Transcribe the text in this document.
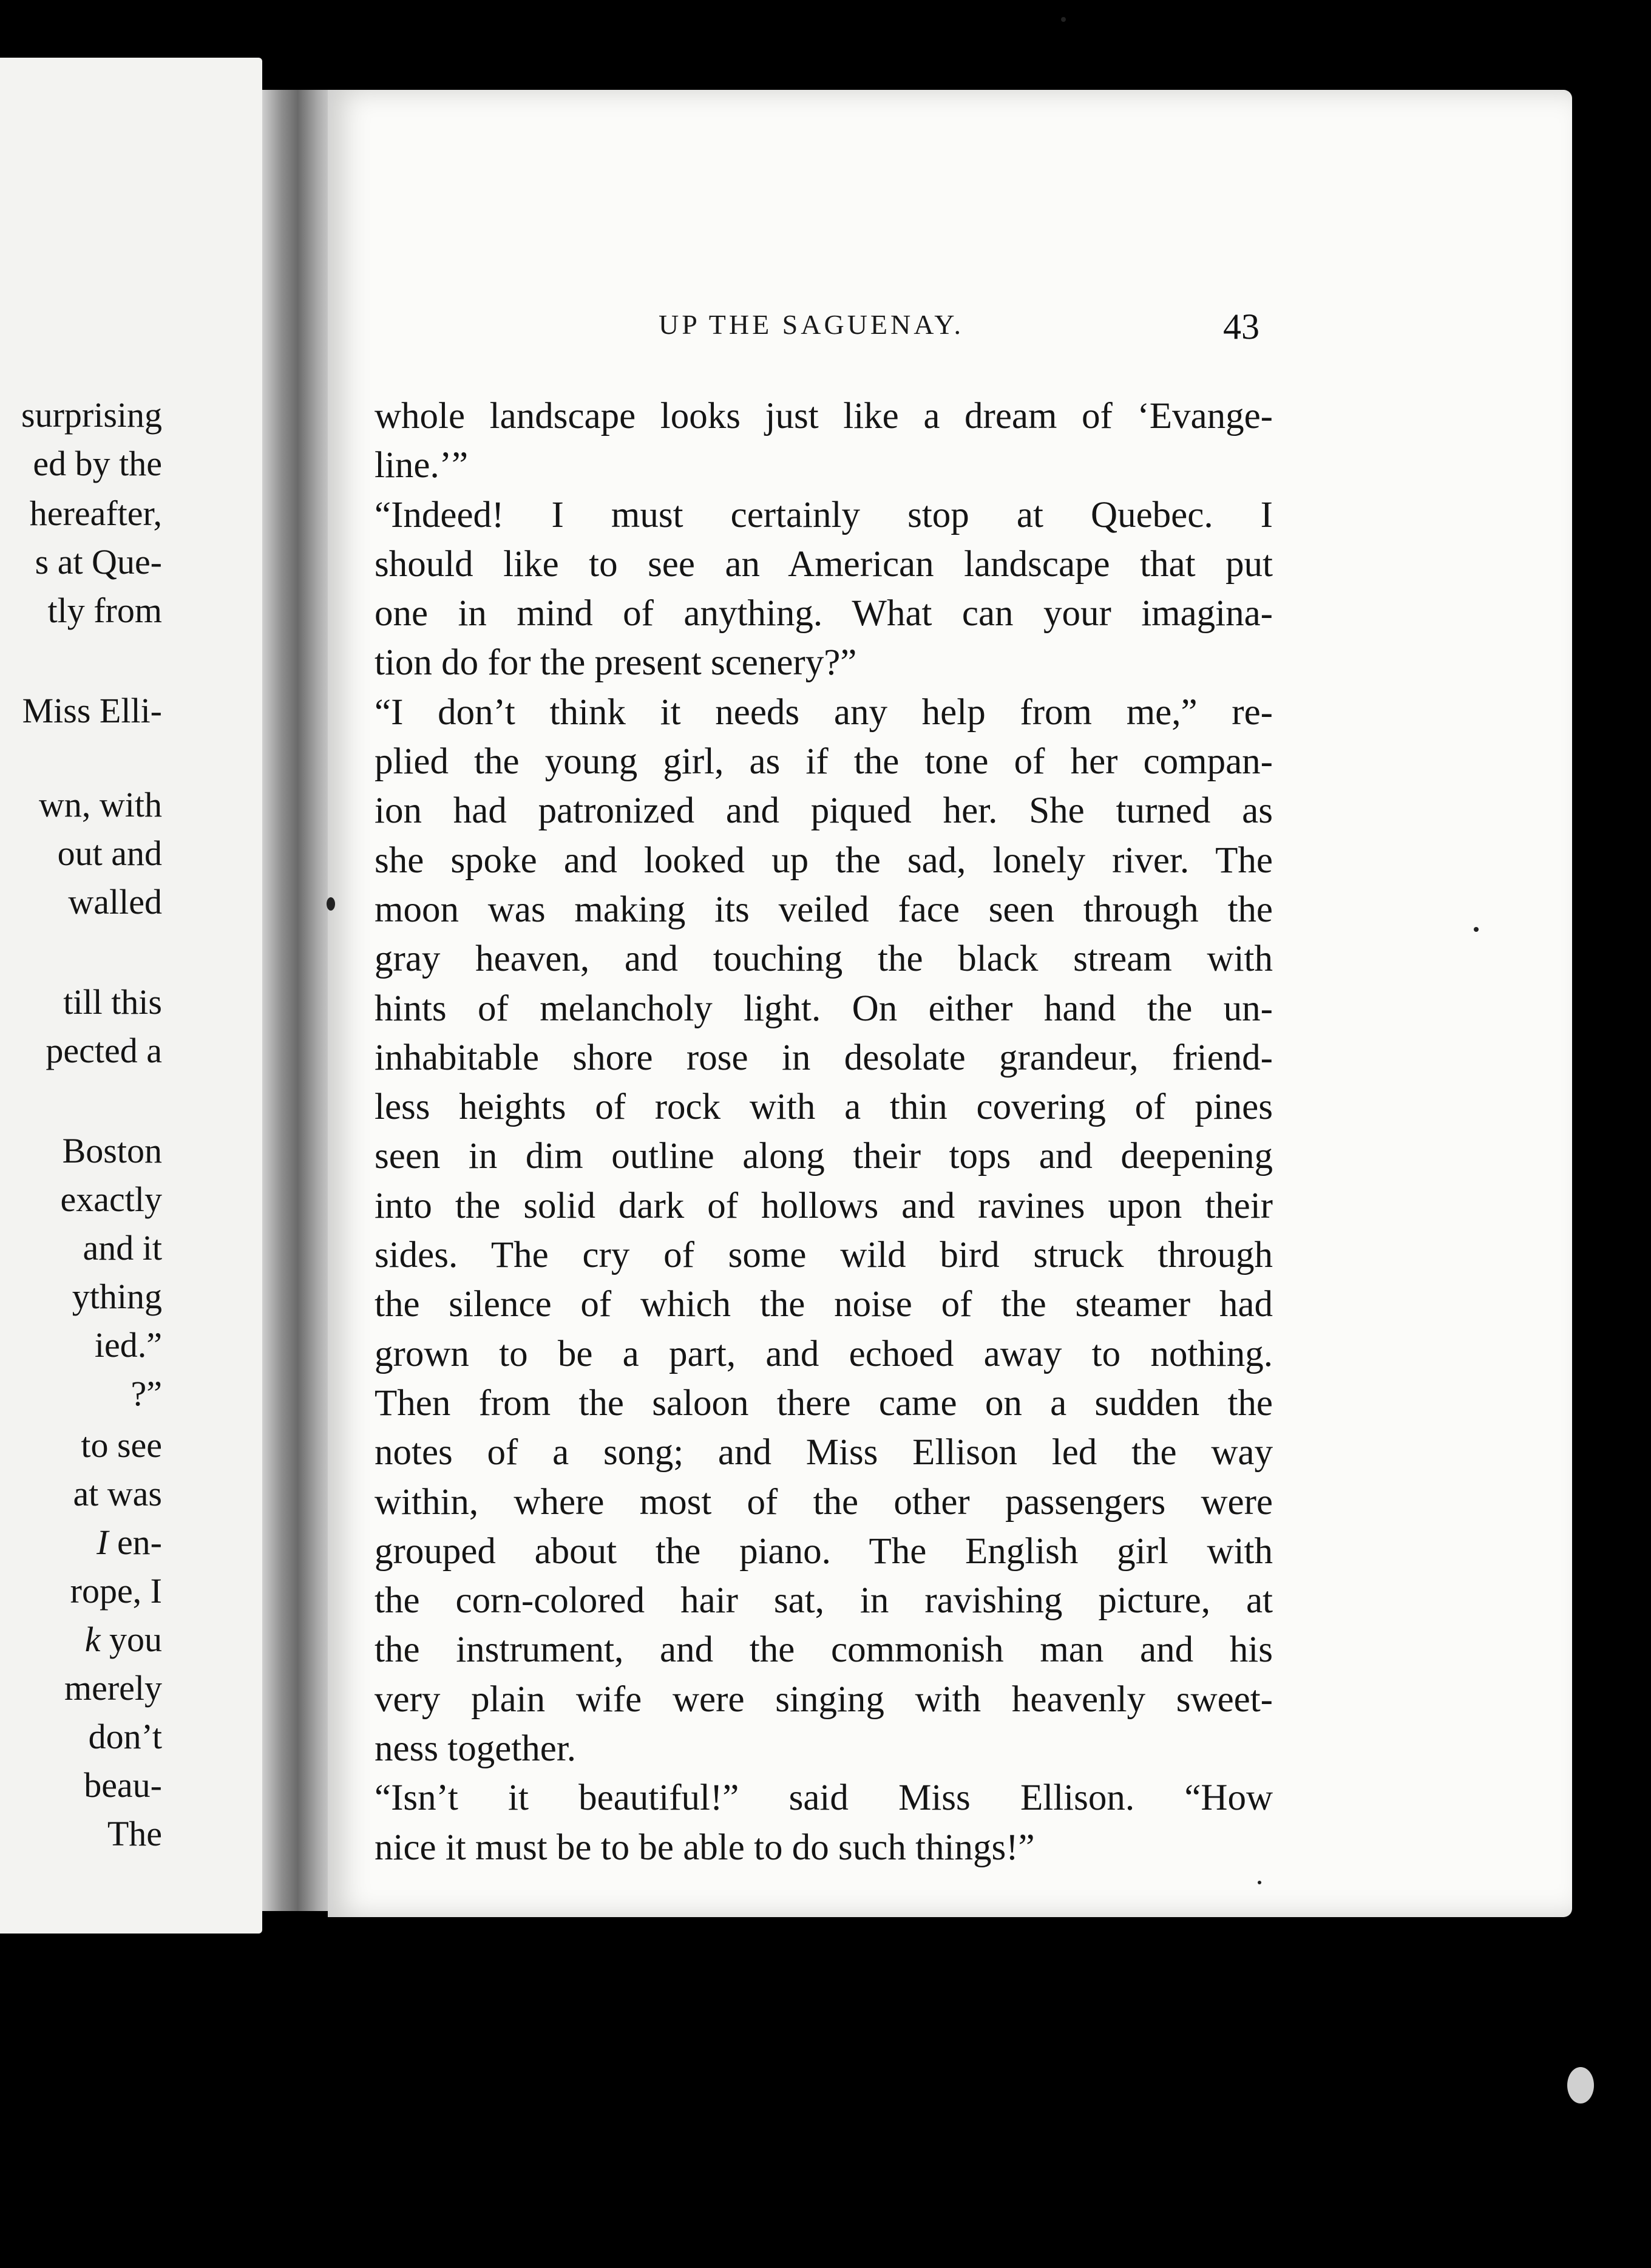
surprising
ed by the
hereafter,
s at Que-
tly from
Miss Elli-
wn, with
out and
walled
till this
pected a
Boston
exactly
and it
ything
ied.”
?”
to see
at was
I en-
rope, I
k you
merely
don’t
beau-
The
UP THE SAGUENAY.	43
whole landscape looks just like a dream of ‘Evange-
line.’”
“Indeed! I must certainly stop at Quebec. I
should like to see an American landscape that put
one in mind of anything. What can your imagina-
tion do for the present scenery?”
“I don’t think it needs any help from me,” re-
plied the young girl, as if the tone of her compan-
ion had patronized and piqued her. She turned as
she spoke and looked up the sad, lonely river. The
moon was making its veiled face seen through the
gray heaven, and touching the black stream with
hints of melancholy light. On either hand the un-
inhabitable shore rose in desolate grandeur, friend-
less heights of rock with a thin covering of pines
seen in dim outline along their tops and deepening
into the solid dark of hollows and ravines upon their
sides. The cry of some wild bird struck through
the silence of which the noise of the steamer had
grown to be a part, and echoed away to nothing.
Then from the saloon there came on a sudden the
notes of a song; and Miss Ellison led the way
within, where most of the other passengers were
grouped about the piano. The English girl with
the corn-colored hair sat, in ravishing picture, at
the instrument, and the commonish man and his
very plain wife were singing with heavenly sweet-
ness together.
“Isn’t it beautiful!” said Miss Ellison. “How
nice it must be to be able to do such things!”
